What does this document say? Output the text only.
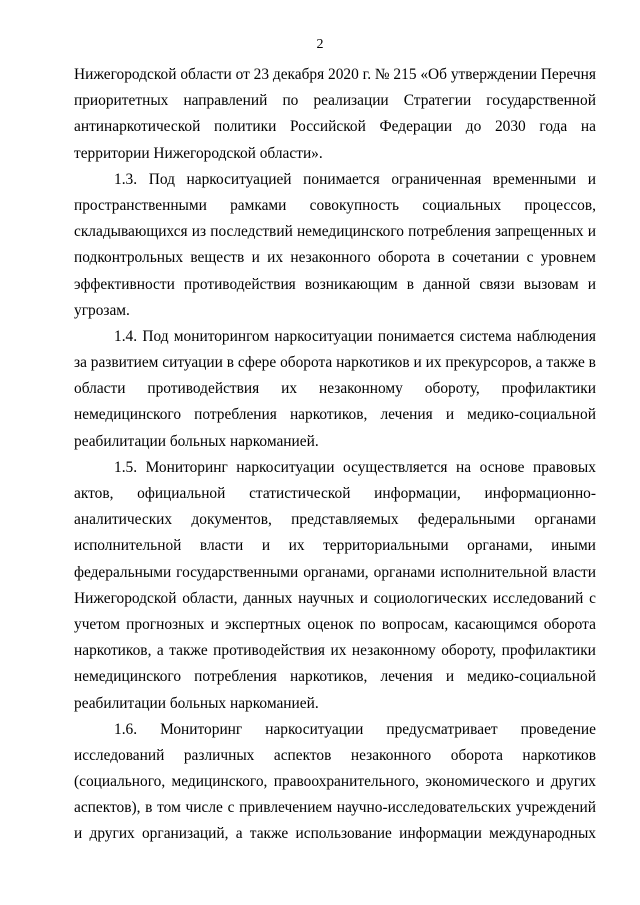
2
Нижегородской области от 23 декабря 2020 г. № 215 «Об утверждении Перечня
приоритетных направлений по реализации Стратегии государственной
антинаркотической политики Российской Федерации до 2030 года на
территории Нижегородской области».
1.3. Под наркоситуацией понимается ограниченная временными и
пространственными рамками совокупность социальных процессов,
складывающихся из последствий немедицинского потребления запрещенных и
подконтрольных веществ и их незаконного оборота в сочетании с уровнем
эффективности противодействия возникающим в данной связи вызовам и
угрозам.
1.4. Под мониторингом наркоситуации понимается система наблюдения
за развитием ситуации в сфере оборота наркотиков и их прекурсоров, а также в
области противодействия их незаконному обороту, профилактики
немедицинского потребления наркотиков, лечения и медико-социальной
реабилитации больных наркоманией.
1.5. Мониторинг наркоситуации осуществляется на основе правовых
актов, официальной статистической информации, информационно-
аналитических документов, представляемых федеральными органами
исполнительной власти и их территориальными органами, иными
федеральными государственными органами, органами исполнительной власти
Нижегородской области, данных научных и социологических исследований с
учетом прогнозных и экспертных оценок по вопросам, касающимся оборота
наркотиков, а также противодействия их незаконному обороту, профилактики
немедицинского потребления наркотиков, лечения и медико-социальной
реабилитации больных наркоманией.
1.6. Мониторинг наркоситуации предусматривает проведение
исследований различных аспектов незаконного оборота наркотиков
(социального, медицинского, правоохранительного, экономического и других
аспектов), в том числе с привлечением научно-исследовательских учреждений
и других организаций, а также использование информации международных
